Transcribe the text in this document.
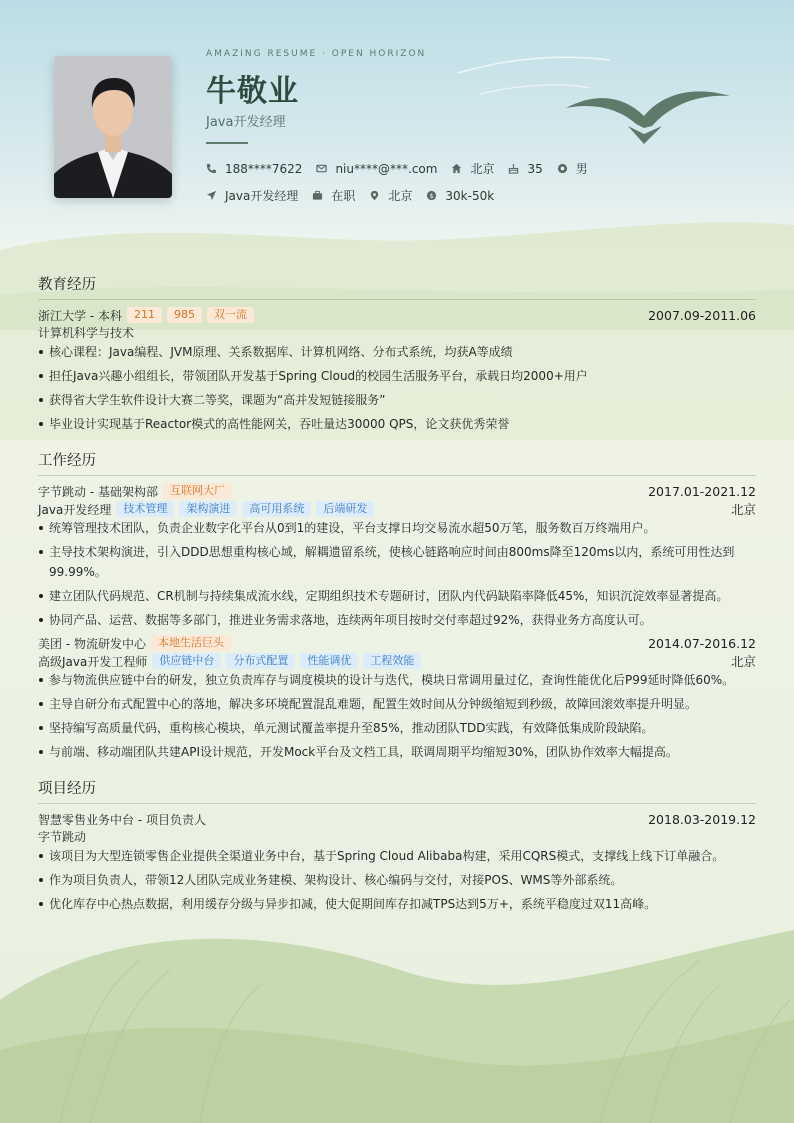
AMAZING RESUME · OPEN HORIZON
牛敬业
Java开发经理
188****7622	niu****@***.com	北京	35	男
Java开发经理	在职	北京 $ 30k-50k
教育经历
浙江大学 - 本科	211	985	双一流	2007.09-2011.06
计算机科学与技术
核心课程：Java编程、JVM原理、关系数据库、计算机网络、分布式系统，均获A等成绩
担任Java兴趣小组组长，带领团队开发基于Spring Cloud的校园生活服务平台，承载日均2000+用户
获得省大学生软件设计大赛二等奖，课题为“高并发短链接服务”
毕业设计实现基于Reactor模式的高性能网关，吞吐量达30000 QPS，论文获优秀荣誉
工作经历
字节跳动 - 基础架构部	互联网大厂	2017.01-2021.12
Java开发经理	技术管理	架构演进	高可用系统	后端研发	北京
统筹管理技术团队，负责企业数字化平台从0到1的建设，平台支撑日均交易流水超50万笔，服务数百万终端用户。
主导技术架构演进，引入DDD思想重构核心域，解耦遗留系统，使核心链路响应时间由800ms降至120ms以内，系统可用性达到99.99%。
建立团队代码规范、CR机制与持续集成流水线，定期组织技术专题研讨，团队内代码缺陷率降低45%，知识沉淀效率显著提高。
协同产品、运营、数据等多部门，推进业务需求落地，连续两年项目按时交付率超过92%，获得业务方高度认可。
美团 - 物流研发中心	本地生活巨头	2014.07-2016.12
高级Java开发工程师	供应链中台	分布式配置	性能调优	工程效能	北京
参与物流供应链中台的研发，独立负责库存与调度模块的设计与迭代，模块日常调用量过亿，查询性能优化后P99延时降低60%。
主导自研分布式配置中心的落地，解决多环境配置混乱难题，配置生效时间从分钟级缩短到秒级，故障回滚效率提升明显。
坚持编写高质量代码，重构核心模块，单元测试覆盖率提升至85%，推动团队TDD实践，有效降低集成阶段缺陷。
与前端、移动端团队共建API设计规范，开发Mock平台及文档工具，联调周期平均缩短30%，团队协作效率大幅提高。
项目经历
智慧零售业务中台 - 项目负责人	2018.03-2019.12
字节跳动
该项目为大型连锁零售企业提供全渠道业务中台，基于Spring Cloud Alibaba构建，采用CQRS模式，支撑线上线下订单融合。
作为项目负责人，带领12人团队完成业务建模、架构设计、核心编码与交付，对接POS、WMS等外部系统。
优化库存中心热点数据，利用缓存分级与异步扣减，使大促期间库存扣减TPS达到5万+，系统平稳度过双11高峰。
